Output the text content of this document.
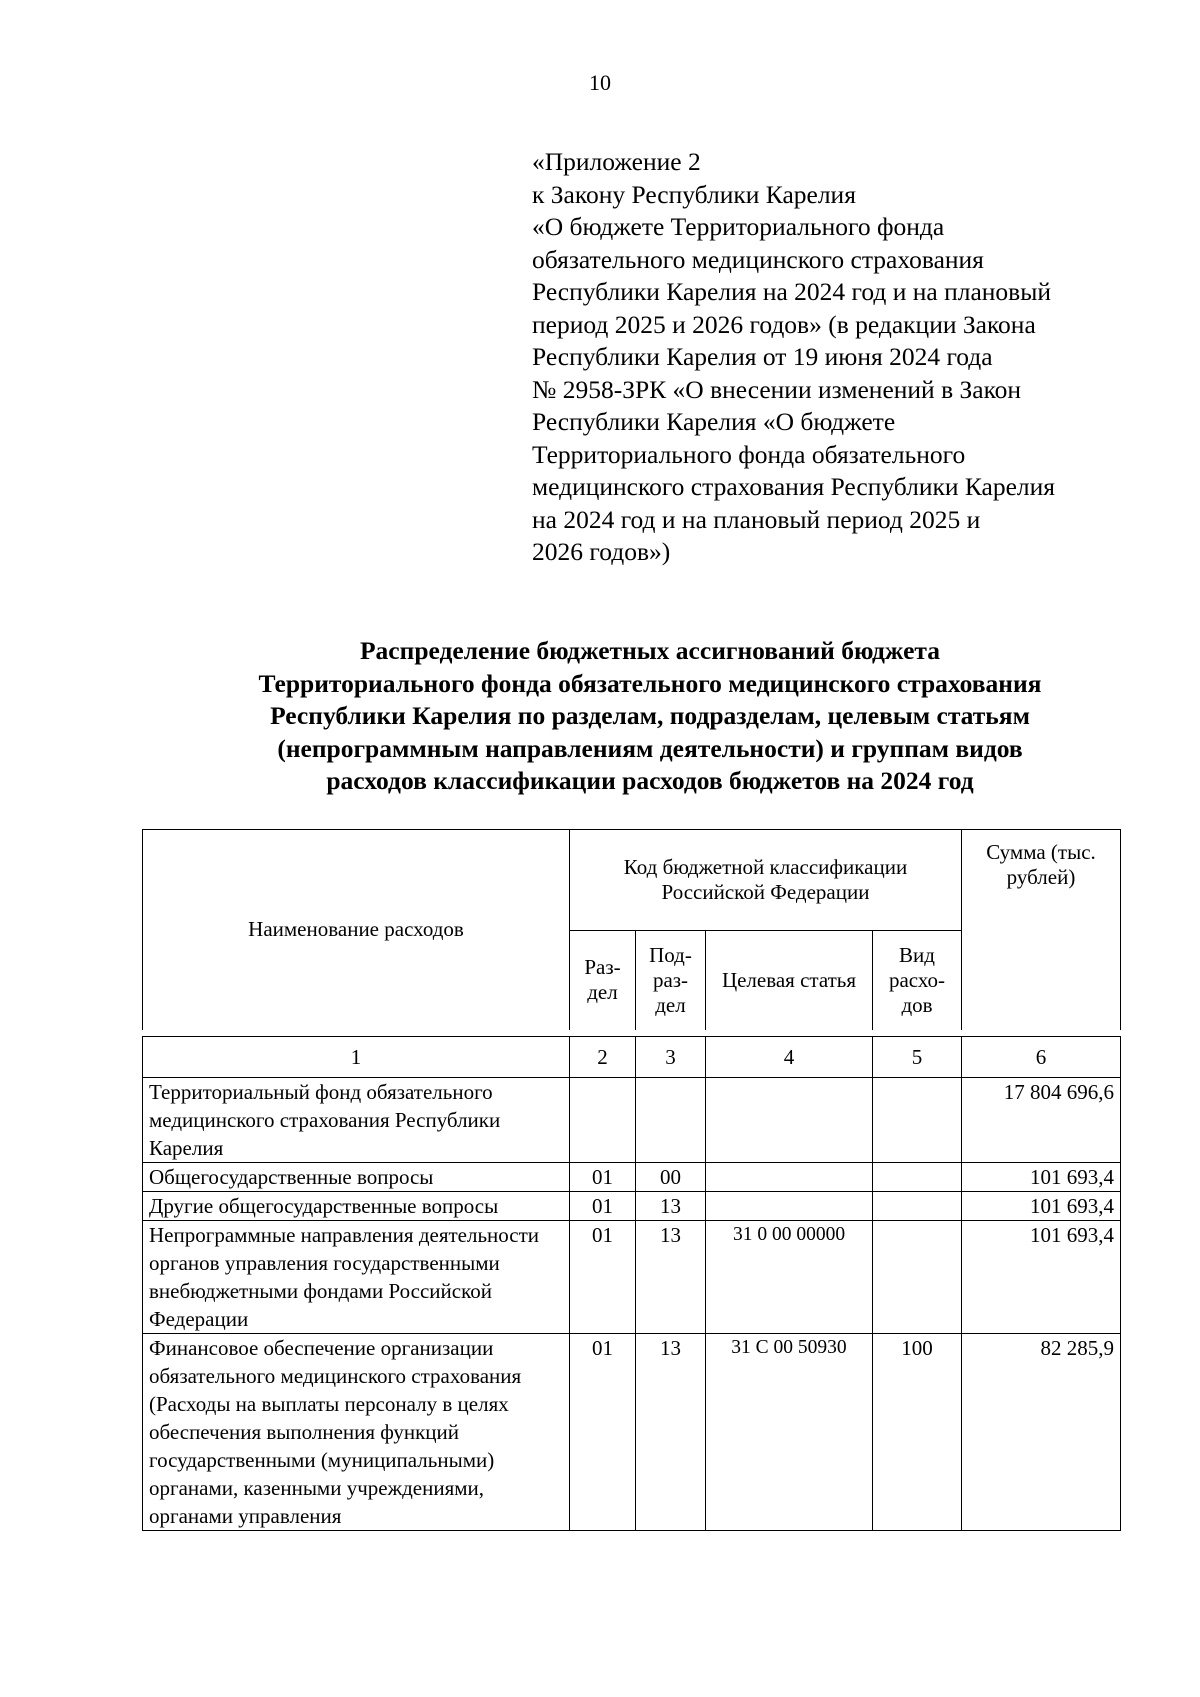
10
«Приложение 2
к Закону Республики Карелия
«О бюджете Территориального фонда
обязательного медицинского страхования
Республики Карелия на 2024 год и на плановый
период 2025 и 2026 годов» (в редакции Закона
Республики Карелия от 19 июня 2024 года
№ 2958-ЗРК «О внесении изменений в Закон
Республики Карелия «О бюджете
Территориального фонда обязательного
медицинского страхования Республики Карелия
на 2024 год и на плановый период 2025 и
2026 годов»)
Распределение бюджетных ассигнований бюджета
Территориального фонда обязательного медицинского страхования
Республики Карелия по разделам, подразделам, целевым статьям
(непрограммным направлениям деятельности) и группам видов
расходов классификации расходов бюджетов на 2024 год
Наименование расходов	Код бюджетной классификации Российской Федерации				Сумма (тыс. рублей)
	Раз- дел	Под- раз- дел	Целевая статья	Вид расхо- дов	
1	2	3	4	5	6
Территориальный фонд обязательного медицинского страхования Республики Карелия					17 804 696,6
Общегосударственные вопросы	01	00			101 693,4
Другие общегосударственные вопросы	01	13			101 693,4
Непрограммные направления деятельности органов управления государственными внебюджетными фондами Российской Федерации	01	13	31 0 00 00000		101 693,4
Финансовое обеспечение организации обязательного медицинского страхования (Расходы на выплаты персоналу в целях обеспечения выполнения функций государственными (муниципальными) органами, казенными учреждениями, органами управления	01	13	31 С 00 50930	100	82 285,9
